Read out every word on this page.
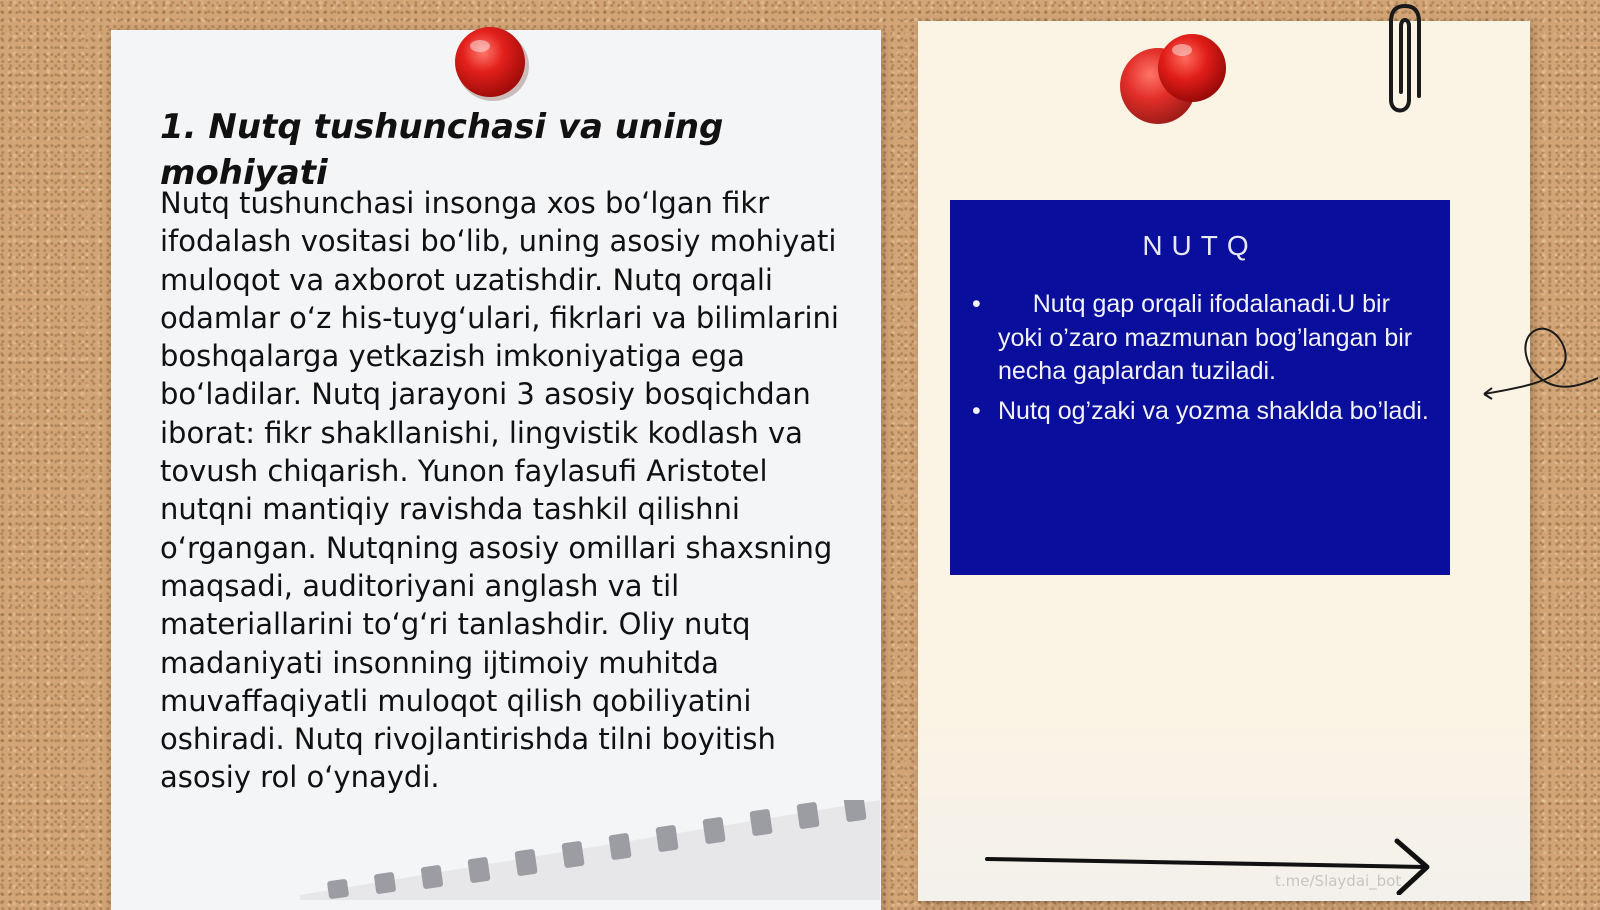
1. Nutq tushunchasi va uning mohiyati
Nutq tushunchasi insonga xos bo‘lgan fikr ifodalash vositasi bo‘lib, uning asosiy mohiyati muloqot va axborot uzatishdir. Nutq orqali odamlar o‘z his-tuyg‘ulari, fikrlari va bilimlarini boshqalarga yetkazish imkoniyatiga ega bo‘ladilar. Nutq jarayoni 3 asosiy bosqichdan iborat: fikr shakllanishi, lingvistik kodlash va tovush chiqarish. Yunon faylasufi Aristotel nutqni mantiqiy ravishda tashkil qilishni o‘rgangan. Nutqning asosiy omillari shaxsning maqsadi, auditoriyani anglash va til materiallarini to‘g‘ri tanlashdir. Oliy nutq madaniyati insonning ijtimoiy muhitda muvaffaqiyatli muloqot qilish qobiliyatini oshiradi. Nutq rivojlantirishda tilni boyitish asosiy rol o‘ynaydi.
NUTQ
• Nutq gap orqali ifodalanadi.U bir yoki o’zaro mazmunan bog’langan bir necha gaplardan tuziladi.
• Nutq og’zaki va yozma shaklda bo’ladi.
t.me/Slaydai_bot
